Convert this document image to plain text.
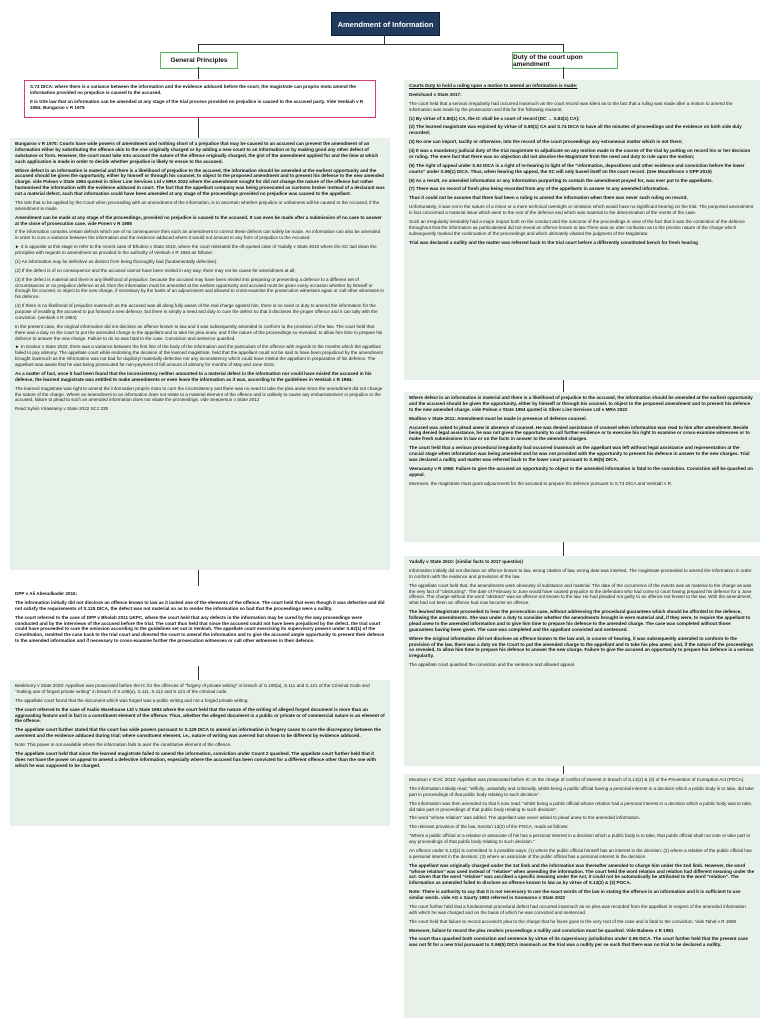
Amendment of Information
General Principles	Duty of the court upon amendment

S.73 DICA: where there is a variance between the information and the evidence adduced before the court, the magistrate can proprio motu amend the information provided no prejudice is caused to the accused.

It is trite law that an information can be amended at any stage of the trial process provided no prejudice is caused to the accused party. Vide Venkiah v R 1984; Bungaroo v R 1975

Bungaroo v R 1975: Courts have wide powers of amendment and nothing short of a prejudice that may be caused to an accused can prevent the amendment of an information either by substituting the offence akin to the one originally charged or by adding a new count to an information or by making good any other defect of substance or form. However, the court must take into account the nature of the offence originally charged, the gist of the amendment applied for and the time at which such application is made in order to decide whether prejudice is likely to ensue to the accused.

Where defect in an information is material and there is a likelihood of prejudice to the accused, the information should be amended at the earliest opportunity and the accused should be given the opportunity, either by himself or through his counsel, to object to the proposed amendment and to present his defence to the new amended charge. vide Polean v State 1994 quoted in Silver Line Services Ltd v MRA 2022 where the amendment sought for did not change the nature of the offence but rather harmonised the information with the evidence adduced in court. The fact that the appellant company was being prosecuted as customs broker instead of a declarant was not a material defect, such that information could have been amended at any stage of the proceedings provided no prejudice was caused to the appellant.

The test that to be applied by the Court when proceeding with an amendment of the information, is to ascertain whether prejudice or unfairness will be caused to the Accused, if the amendment is made.

Amendment can be made at any stage of the proceedings, provided no prejudice is caused to the accused. It can even be made after a submission of no case to answer at the close of prosecution case. vide Ponen v R 1985

If the information contains certain defects which are of no consequence then such an amendment to correct these defects can safely be made. An information can also be amended in order to cure a variance between the information and the evidence adduced where it would not amount to any form of prejudice to the Accused.

► It is apposite at this stage to refer to the recent case of Bhuttoo v State 2019, where the court reiterated the oft-quoted case of Yadally v State 2010 where the SC laid down the principles with regards to amendment as provided in the authority of Venkiah v R 1984 as follows:

(1) An information may be defective as distinct from being thoroughly bad (fundamentally defective).

(2) If the defect is of no consequence and the accused cannot have been misled in any way, there may not be cause for amendment at all;

(3) If the defect is material and there is any likelihood of prejudice, because the accused may have been misled into preparing or presenting a defence to a different set of circumstances or no prejudice defence at all, then the information must be amended at the earliest opportunity and accused must be given every occasion whether by himself or through his counsel, to object to the new charge, if necessary by the basis of an adjournment and allowed to cross-examine the prosecution witnesses again or call other witnesses in his defence.

(4) If there is no likelihood of prejudice inasmuch as the accused was all along fully aware of the real charge against him, there is no need or duty to amend the information for the purpose of enabling the accused to put forward a new defence, but there is simply a need and duty to cure the defect so that it discloses the proper offence and it can tally with the conviction. (venkiah v R 1984)

In the present case, the original information did not disclose an offence known to law and it was subsequently amended to conform to the provision of the law. The court held that there was a duty on the court to put the amended charge to the appellant and to take his plea anew, and if the nature of the proceedings so revealed, to allow him time to prepare his defence to answer the new charge. Failure to do so was fatal to the case. Conviction and sentence quashed.

► In Sookur v State 2022, there was a variance between the first line of the body of the information and the particulars of the offence with regards to the months which the appellant failed to pay alimony. The appellate court while endorsing the decision of the learned magistrate, held that the appellant could not be said to have been prejudiced by the amendment brought inasmuch as the information was not bad for duplicity/ materially defective nor any inconsistency which could have misled the appellant in preparation of his defence. The appellant was aware that he was being prosecuted for non-payment of full amount of alimony for months of May and June 2015.

As a matter of fact, once it had been found that the inconsistency neither amounted to a material defect in the information nor could have misled the accused in his defence, the learned magistrate was entitled to make amendments or even leave the information as it was, according to the guidelines in Venkiah v R 1984.

The learned magistrate was right to amend the information proprio motu to cure the inconsistency and there was no need to take the plea anew since the amendment did not change the nature of the charge. Where an amendment to an information does not relate to a material element of the offence and is unlikely to cause any embarrassment or prejudice to the accused, failure to plead to such an amended information does not vitiate the proceedings. vide Seepersun v State 2012

Read Sylvio Virassamy v State 2022 SCJ 335

DPP v Ali Abeoulkader 2015:

The information initially did not disclose an offence known to law as it lacked one of the elements of the offence. The court held that even though it was defective and did not satisfy the requirements of S.125 DICA, the defect was not material so as to render the information so bad that the proceedings were a nullity.

The court referred to the case of DPP v Bholah 2011 UKPC, where the court held that any defects in the information may be cured by the way proceedings were conducted and by the interviews of the accused before the trial. The court thus held that since the accused could not have been prejudiced by the defect, the trial court could have proceeded to cure the omission according to the guidelines set out in Venkiah. The appellate court exercising its supervisory powers under S.82(1) of the Constitution, remitted the case back to the trial court and directed the court to amend the information and to give the accused ample opportunity to present their defence to the amended information and if necessary to cross-examine further the prosecution witnesses or call other witnesses in their defence.

Beekhorry v State 2020: Appellant was prosecuted before the IC for the offences of "forgery of private writing" in breach of S.108(a), S.111 and S.121 of the Criminal Code and "making use of forged private writing" in breach of S.108(a), S.111, S.112 and S.121 of the criminal code.

The appellate court found that the document which was forged was a public writing and not a forged private writing.

The court referred to the case of Audio Warehouse Ltd v State 1993 where the court held that the nature of the writing of alleged forged document is more than an aggravating feature and in fact is a constituent element of the offence. Thus, whether the alleged document is a public or private or of commercial nature is an element of the offence.

The appellate court further stated that the court has wide powers pursuant to S.129 DICA to amend an information in forgery cases to cure the discrepancy between the averment and the evidence adduced during trial; where constituent element, i.e., nature of writing was averred but shown to be different by evidence adduced.

Note: This power is not available where the information fails to aver the constitutive element of the offence.

The appellate court held that since the learned magistrate failed to amend the information, conviction under Count 2 quashed. The appellate court further held that it does not have the power on appeal to amend a defective information, especially where the accused has been convicted for a different offence other than the one with which he was supposed to be charged.

Courts Duty to hold a ruling upon a motion to amend an information is made:

Deelchand v State 2017:

The court held that a serious irregularity had occurred inasmuch as the court record was silent as to the fact that a ruling was made after a motion to amend the information was made by the prosecution and this for the following reasons:

(1) By virtue of S.80(1) CA, the IC shall be a court of record (DC → S.83(1) CA);

(2) The learned magistrate was enjoined by virtue of S.80(1) CA and S.74 DICA to have all the minutes of proceedings and the evidence on both side duly recorded;

(3) No one can import, tacitly or otherwise, into the record of the court proceedings any extraneous matter which is not there;

(4) It was a mandatory judicial duty of the trial magistrate to adjudicate on any motion made in the course of the trial by putting on record his or her decision or ruling. The mere fact that there was no objection did not absolve the Magistrate from the need and duty to rule upon the motion;

(5) The right of appeal under S.92 DICA is a right of re-hearing in light of the "information, depositions and other evidence and conviction before the lower courts" under S.96(1) DICA. Thus, when hearing the appeal, the SC will only based itself on the court record. (See Mounthroos v DPP 2015)

(6) As a result, no amended information or any information purporting to contain the amendment prayed for, was ever put to the appellants.

(7) There was no record of fresh plea being recorded from any of the appellants in answer to any amended information.

Thus it could not be assume that there had been a ruling to amend the information when there was never such ruling on record.

Unfortunately, it was not in the nature of a minor or a mere technical oversight or omission which would have no significant bearing on the trial. The purported amendment in fact concerned a material issue which went to the root of the defence and which was material to the determination of the merits of the case.

Such an irregularity inevitably had a major impact both on the conduct and the outcome of the proceedings in view of the fact that it was the contention of the defence throughout that the information as particularised did not reveal an offence known to law.There was an utter confusion as to the precise nature of the charge which subsequently marked the continuation of the proceedings and which ultimately vitiated the judgment of the Magistrate.

Trial was declared a nullity and the matter was referred back to the trial court before a differently constituted bench for fresh hearing

Where defect in an information is material and there is a likelihood of prejudice to the accused, the information should be amended at the earliest opportunity and the accused should be given the opportunity, either by himself or through his counsel, to object to the proposed amendment and to present his defence to the new amended charge. vide Polean v State 1994 quoted in Silver Line Services Ltd v MRA 2022

Mudhoo v State 2011: Amendment must be made in presence of defence counsel.

Accused was asked to plead anew in absence of counsel. He was denied assistance of counsel when information was read to him after amendment. Beside being denied legal assistance, he was not given the opportunity to call further evidence or to exercise his right to examine or cross-examine witnesses or to make fresh submissions in law or on the facts in answer to the amended charges.

The court held that a serious procedural irregularity had occurred inasmuch as the appellant was left without legal assistance and representation at the crucial stage when information was being amended and he was not provided with the opportunity to present his defence in answer to the new charges. Trial was declared a nullity and matter was referred back to the lower court pursuant to S.96(5) DICA.

Veerasamy v R 1968: Failure to give the accused an opportunity to object to the amended information is fatal to the conviction. Conviction will be quashed on appeal.

Moreover, the magistrate must grant adjournment for the accused to prepare his defence pursuant to S.73 DICA and Venkiah v R.

Yadally v State 2010: (similar facts to 2017 question)

Information initially did not disclose an offence known to law, wrong citation of law, wrong date was inserted. The magistrate proceeded to amend the information in order to conform with the evidence and provisions of the law.

The appellate court held that, the amendments were obviously of substance and material. The date of the occurrence of the events was as material to the charge as was the very fact of "obstructing". The date of February to June would have caused prejudice to the defendant who had come to court having prepared his defence for a June offence. The charge without the word "abstract" was an offence not known to the law. He had pleaded not guilty to an offence not known to the law. With the amendment, what had not been an offence had now become an offence.

The learned Magistrate proceeded to hear the prosecution case, without addressing the procedural guarantees which should be afforded to the defence, following the amendments. She was under a duty to consider whether the amendments brought in were material and, if they were, to require the appellant to plead anew to the amended information and to give him time to prepare his defence to the amended charge. The case was completed without those guarantees having been given. The case was completed and the appellant convicted and sentenced.

Where the original information did not disclose an offence known to the law and, in course of hearing, it was subsequently amended to conform to the provision of the law, there was a duty on the Court to put the amended charge to the appellant and to take his plea anew; and, if the nature of the proceedings so revealed, to allow him time to prepare his defence to answer the new charge. Failure to give the accused an opportunity to prepare his defence is a serious irregularity.

The appellate court quashed the conviction and the sentence and allowed appeal.

Moossun v ICAC 2013: Appellant was prosecuted before IC on the charge of conflict of interest in breach of S.13(2) & (3) of the Prevention of Corruption Act (POCA).

The information initially read: "wilfully, unlawfully and criminally, whilst being a public official having a personal interest in a decision which a public body is to take, did take part in proceedings of that public body relating to such decision".

The information was then amended so that it now read: "whilst being a public official whose relation had a personal interest in a decision which a public body was to take, did take part in proceedings of that public body relating to such decision".

The word "whose relation" was added. The appellant was never asked to plead anew to the amended information.

The relevant provision of the law, Section 13(2) of the POCA, reads as follows:

"Where a public official or a relative or associate of his has a personal interest in a decision which a public body is to take, that public official shall not vote or take part in any proceedings of that public body relating to such decision."

An offence under S.13(2) is committed in 3 possible ways: (1) where the public official himself has an interest in the decision; (2) where a relative of the public official has a personal interest in the decision; (3) where an associate of the public official has a personal interest in the decision.

The appellant was originally charged under the 1st limb and the information was thereafter amended to charge him under the 2nd limb. However, the word "whose relation" was used instead of "relative" when amending the information. The court held the word relation and relation had different meaning under the act. Given that the word "relative" was ascribed a specific meaning under the Act, it could not be automatically be attributed to the word "relation". The information as amended failed to disclose an offence known to law as by virtue of S.13(2) & (3) POCA.

Note: There is authority to say that it is not necessary to use the exact words of the law in stating the offence in an information and it is sufficient to use similar words. vide AG v Saurty 1983 referred in Soomaroo v State 2022

The court further held that a fundamental procedural defect had occurred inasmuch as no plea was recorded from the appellant in respect of the amended information with which he was charged and on the basis of which he was convicted and sentenced.

The court held that failure to record accused's plea to the charge that he faces goes to the very root of the case and is fatal to the conviction. Vide Tahal v R 1968

Moreover, failure to record the plea renders proceedings a nullity and conviction must be quashed. Vide Babeea v R 1981

The court thus quashed both conviction and sentence by virtue of its supervisory jurisdiction under S.96 DICA. The court further held that the present case was not fit for a new trial pursuant to S.96(5) DICA inasmuch as the trial was a nullity per se such that there was no trial to be declared a nullity.
